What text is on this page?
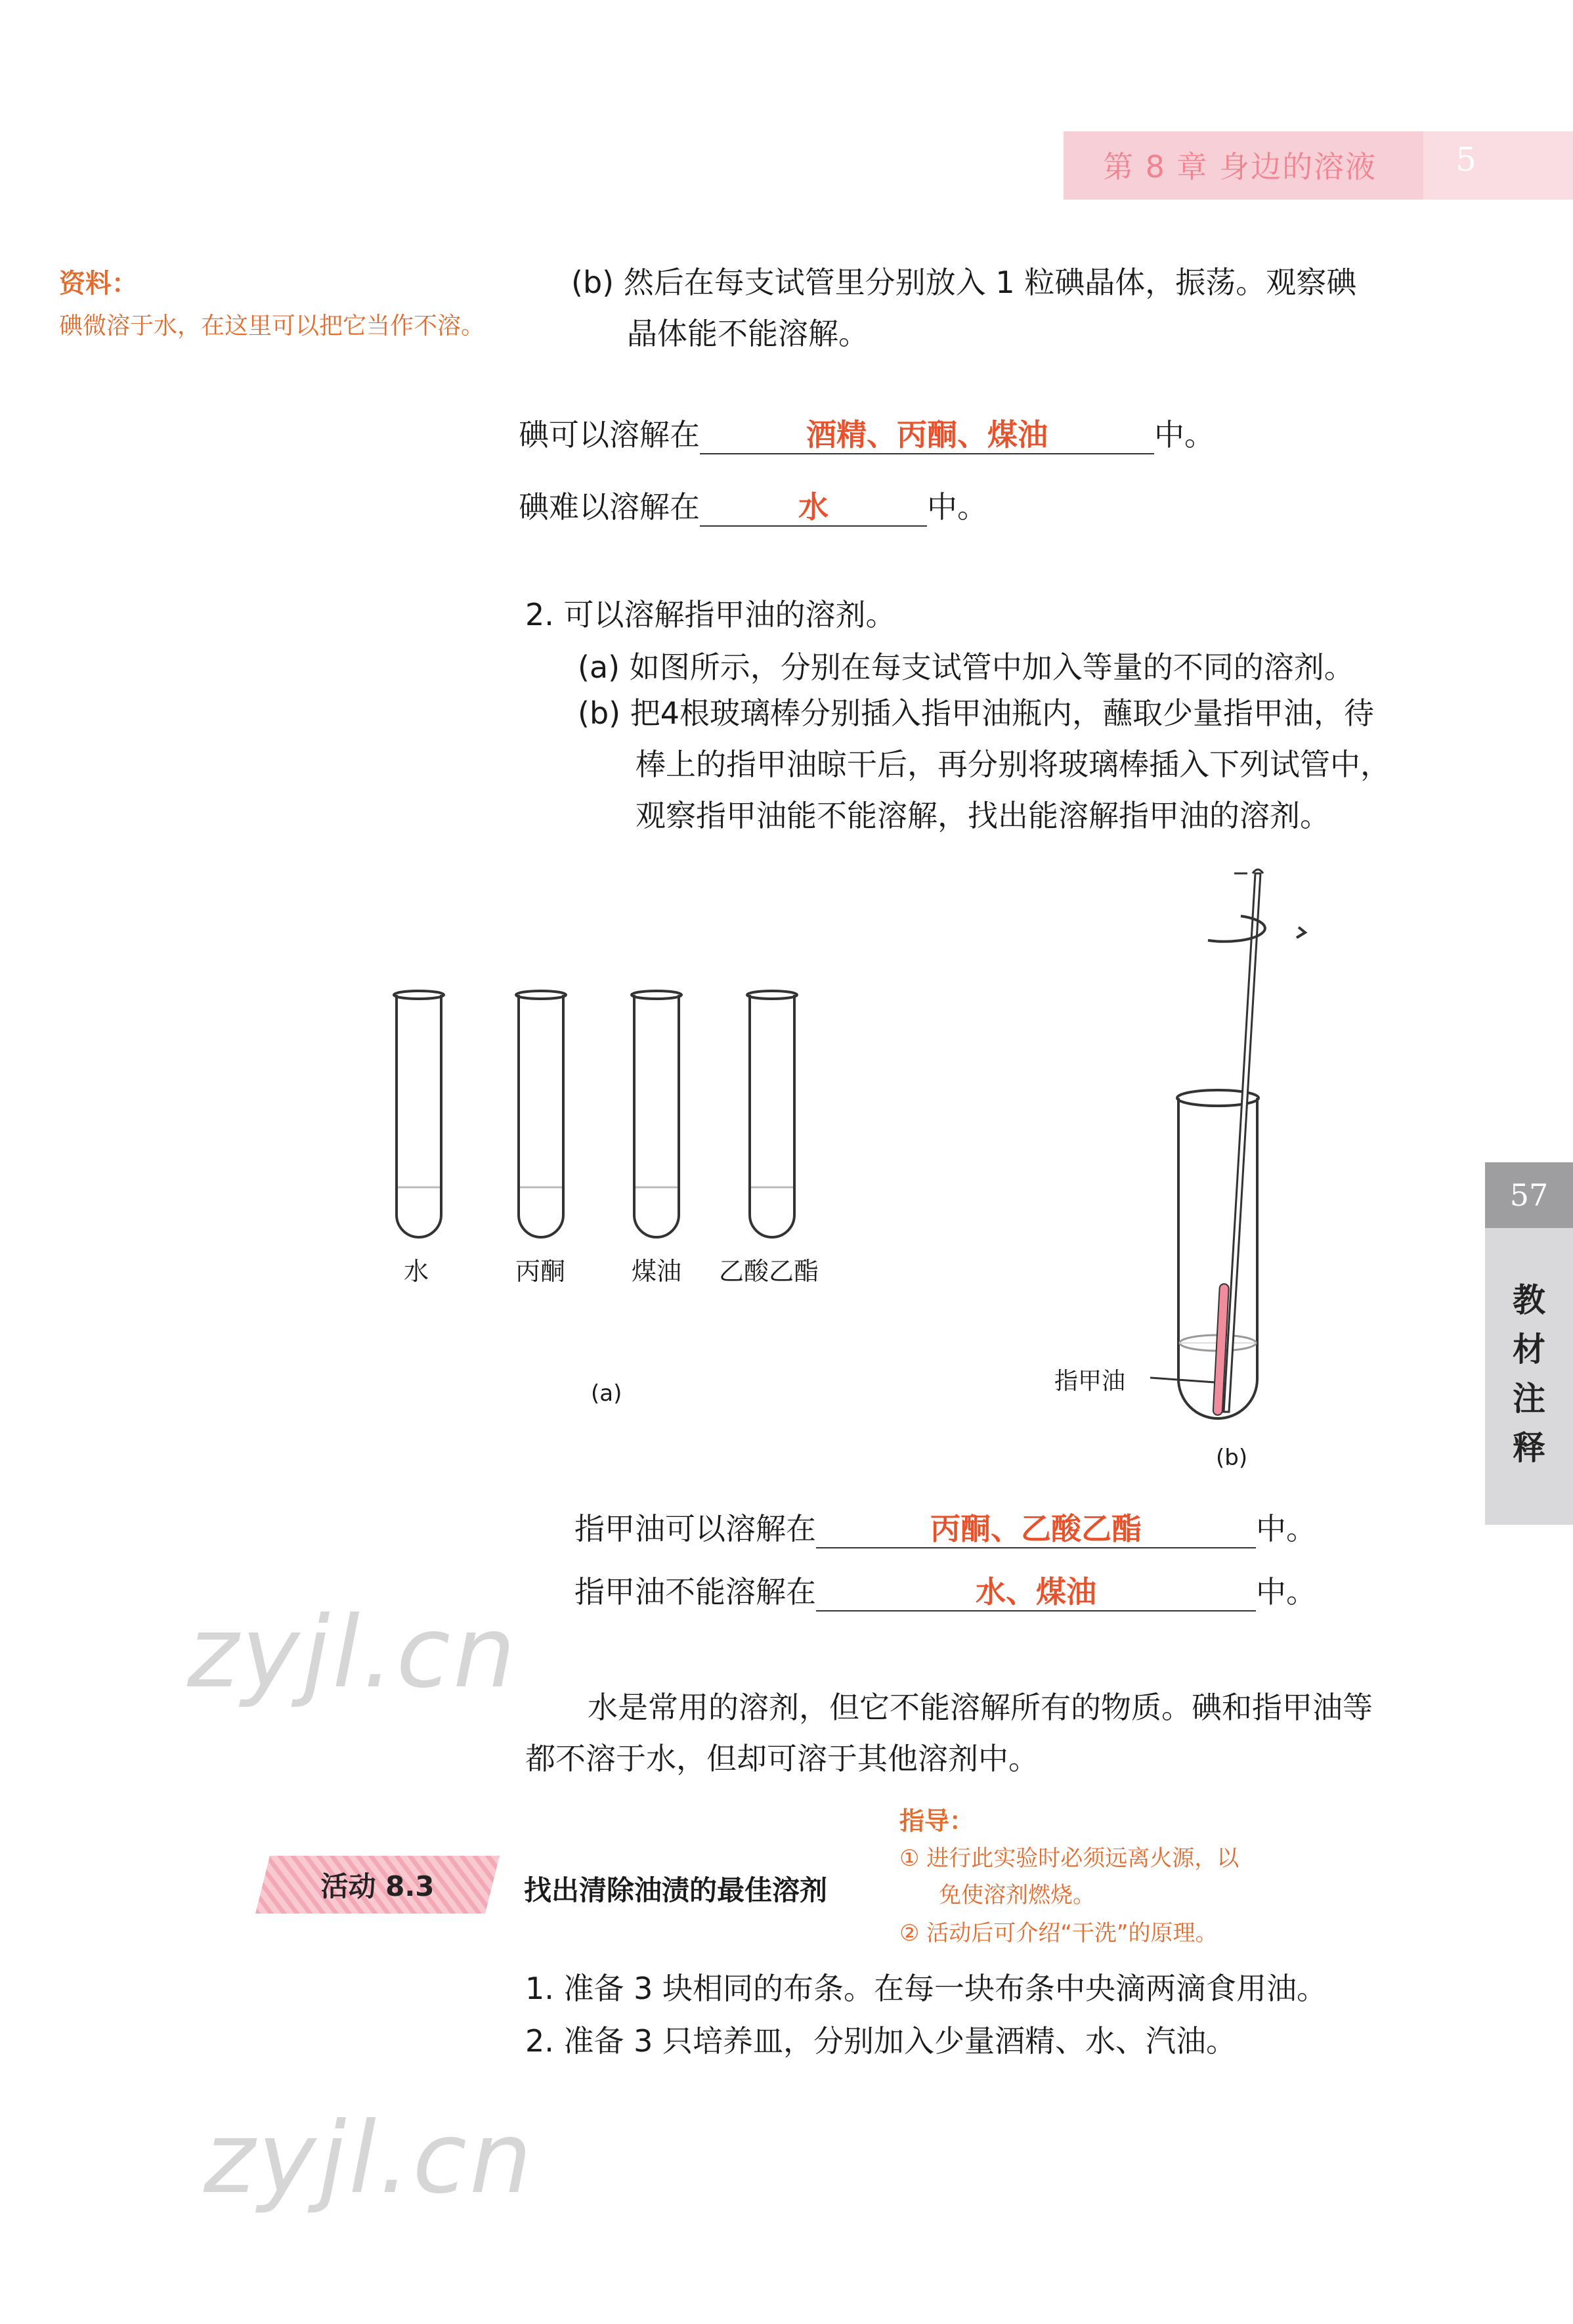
第 8 章 身边的溶液	5
57
教
材
注
释
资料：
碘微溶于水，在这里可以把它当作不溶。
(b) 然后在每支试管里分别放入 1 粒碘晶体，振荡。观察碘
晶体能不能溶解。
碘可以溶解在	酒精、丙酮、煤油	中。
碘难以溶解在	水	中。
2. 可以溶解指甲油的溶剂。
(a) 如图所示，分别在每支试管中加入等量的不同的溶剂。
(b) 把4根玻璃棒分别插入指甲油瓶内，蘸取少量指甲油，待
棒上的指甲油晾干后，再分别将玻璃棒插入下列试管中，
观察指甲油能不能溶解，找出能溶解指甲油的溶剂。
水	丙酮	煤油 乙酸乙酯
(a)	指甲油
(b)
指甲油可以溶解在	丙酮、乙酸乙酯	中。
指甲油不能溶解在	水、煤油	中。
水是常用的溶剂，但它不能溶解所有的物质。碘和指甲油等
都不溶于水，但却可溶于其他溶剂中。
指导：
① 进行此实验时必须远离火源，以
免使溶剂燃烧。
② 活动后可介绍“干洗”的原理。
活动 8.3	找出清除油渍的最佳溶剂
1. 准备 3 块相同的布条。在每一块布条中央滴两滴食用油。
2. 准备 3 只培养皿，分别加入少量酒精、水、汽油。
zyjl.cn
zyjl.cn
